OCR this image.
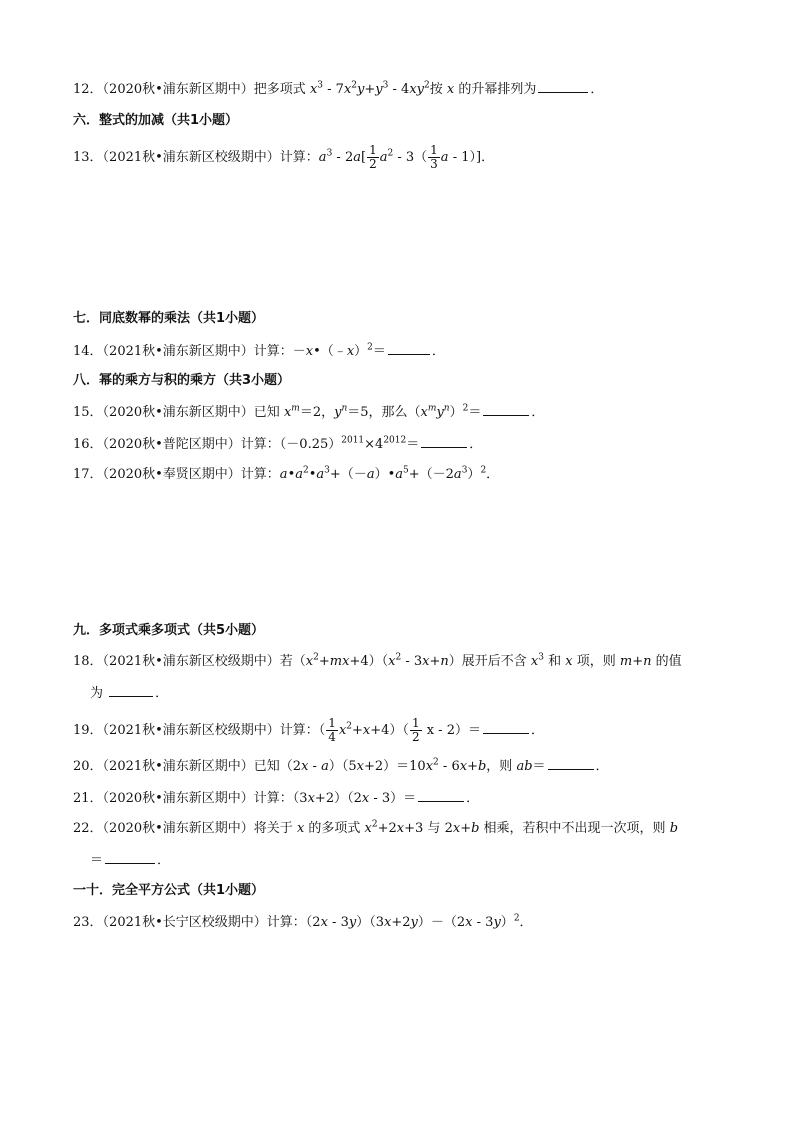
12．（2020秋•浦东新区期中）把多项式 $x^3 - 7x^2y+y^3 - 4xy^2$按 x 的升幂排列为	．
六．整式的加减（共1小题）
13．（2021秋•浦东新区校级期中）计算：$a^3 - 2a[ \frac{1}{2} a^2 - 3( \frac{1}{3}$ a - 1）]．
七．同底数幂的乘法（共1小题）
14．（2021秋•浦东新区期中）计算：－x•（﹣x）$^2$＝	．
八．幂的乘方与积的乘方（共3小题）
15．（2020秋•浦东新区期中）已知 $x^m=2$，$y^n=5$，那么$(x^my^n)^2=$	．
16．（2020秋•普陀区期中）计算：$(-0.25)^{2011}\times 4^{2012}=$	．
17．（2020秋•奉贤区期中）计算：$a•a^2•a^3+(-a)•a^5+(-2a^3)^2$．
九．多项式乘多项式（共5小题）
18．（2021秋•浦东新区校级期中）若$(x^2+mx+4)(x^2 - 3x+n)$展开后不含 $x^3$ 和 x 项，则 m+n 的值
为	．
19．（2021秋•浦东新区校级期中）计算：（ $\frac{1}{4} x^2+x+4)( \frac{1}{2}$ x - 2）＝	．
20．（2021秋•浦东新区期中）已知$(2x - a)(5x+2)=10x^2 - 6x+b$，则 ab＝	．
21．（2020秋•浦东新区期中）计算：（3x+2）（2x - 3）＝	．
22．（2020秋•浦东新区期中）将关于 x 的多项式 $x^2+2x+3$ 与 2x+b 相乘，若积中不出现一次项，则 b
＝	．
一十．完全平方公式（共1小题）
23．（2021秋•长宁区校级期中）计算：（2x - 3y）（3x+2y）－（2x - 3y）$^2$．
